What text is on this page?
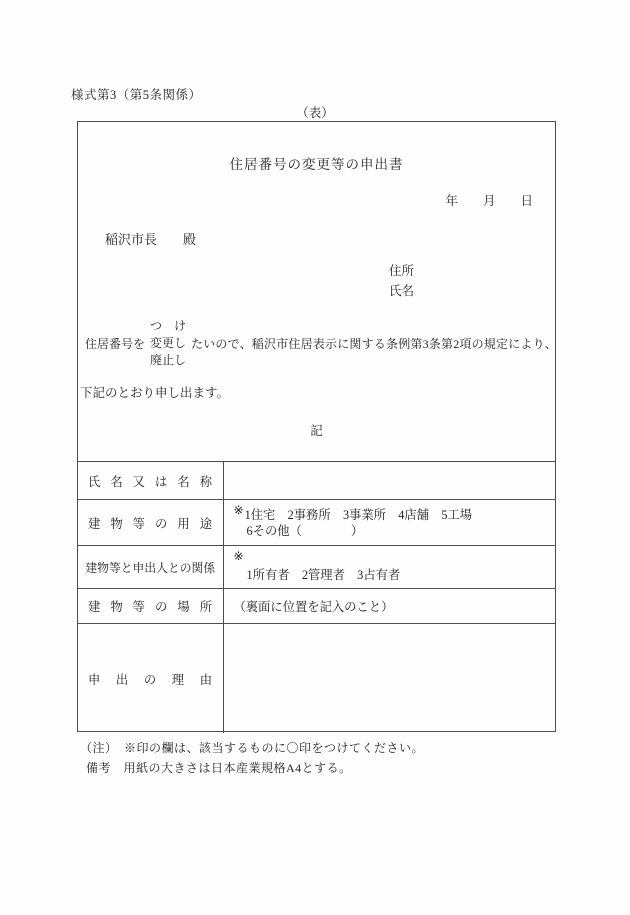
様式第3（第5条関係）
（表）
住居番号の変更等の申出書
年　　月　　日
稲沢市長　　殿
住所
氏名
住居番号を
つ　け
変更し
廃止し
たいので、稲沢市住居表示に関する条例第3条第2項の規定により、
下記のとおり申し出ます。
記
氏名又は名称	
建物等の用途	※1住宅　2事務所　3事業所　4店舗　5工場
6その他（　　　　）

建物等と申出人との関係	※
1所有者　2管理者　3占有者

建物等の場所	（裏面に位置を記入のこと）
申出の理由	
（注）　※印の欄は、該当するものに〇印をつけてください。
備考　用紙の大きさは日本産業規格A4とする。
